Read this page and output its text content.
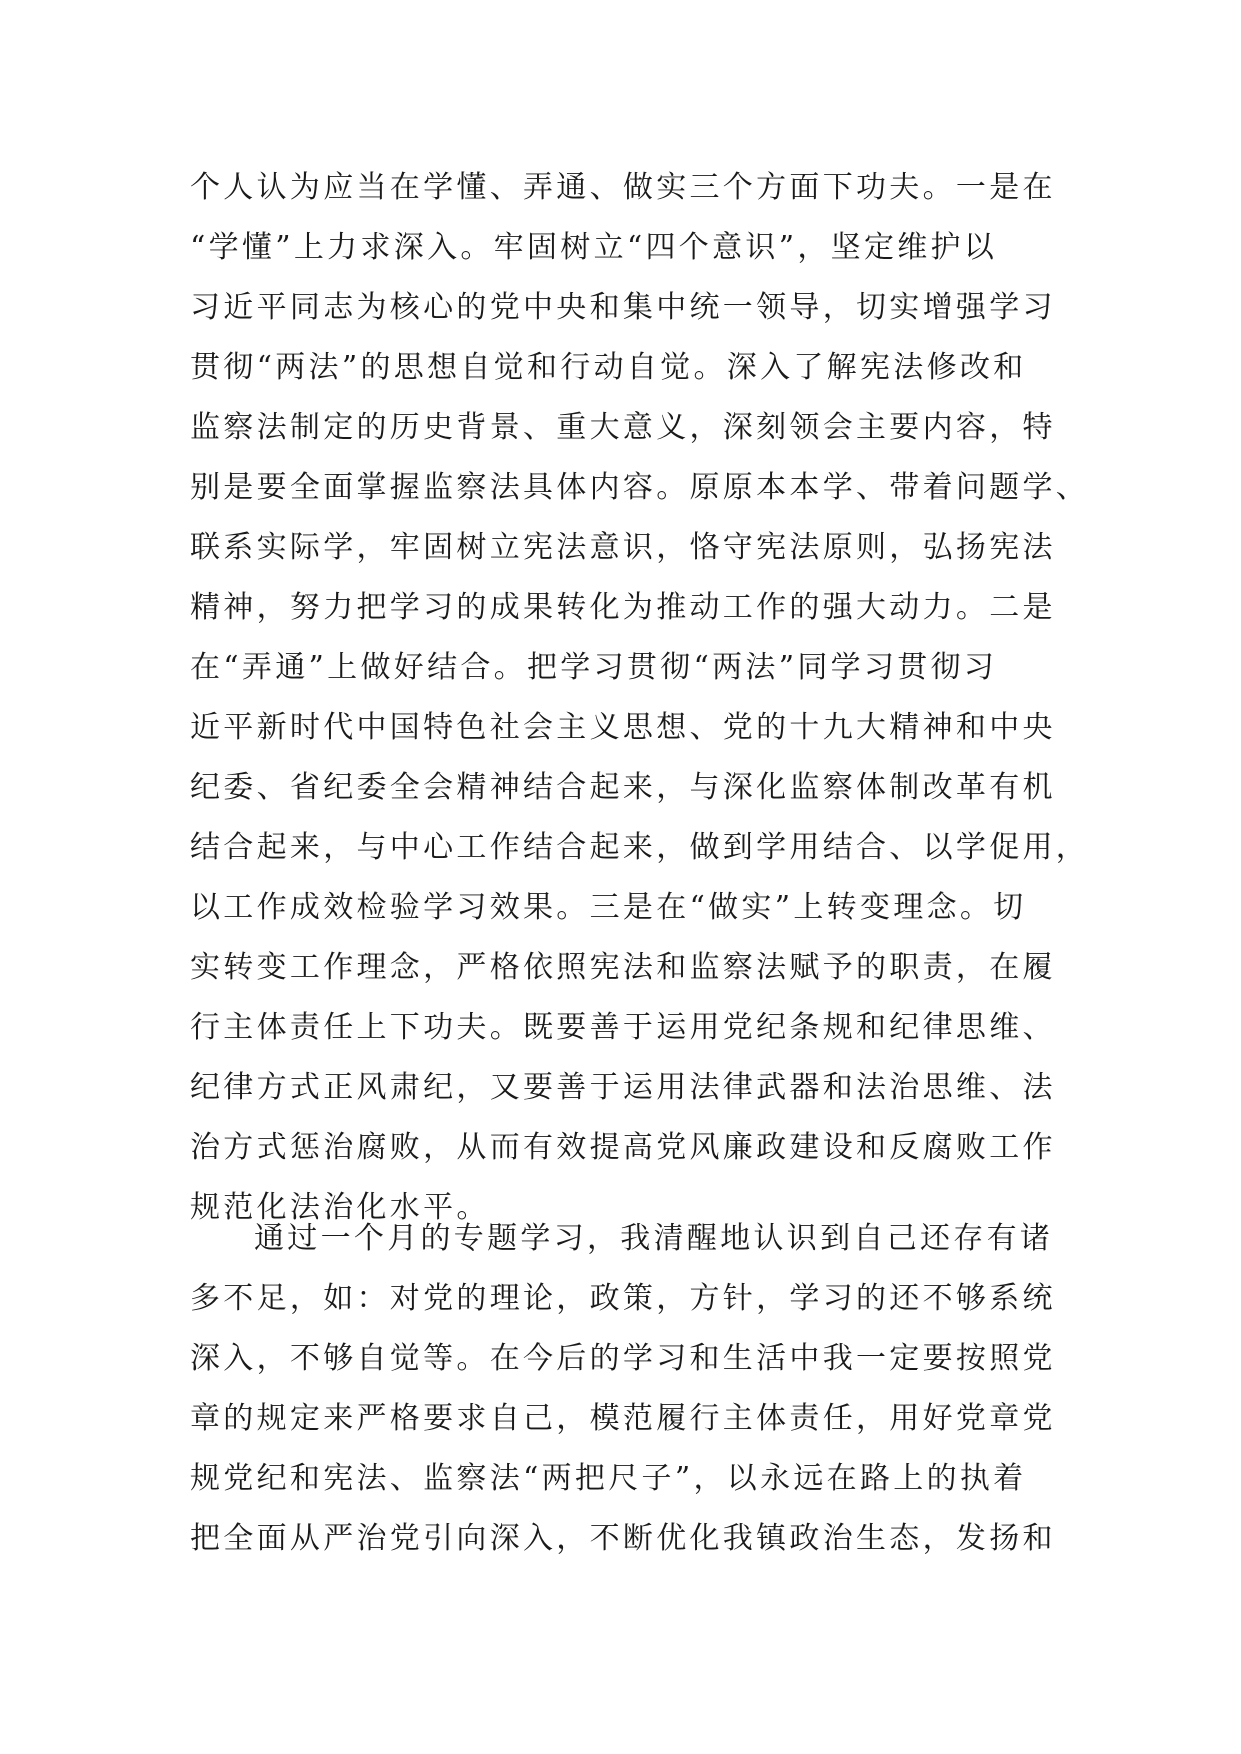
个人认为应当在学懂、弄通、做实三个方面下功夫。一是在
“学懂”上力求深入。牢固树立“四个意识”，坚定维护以
习近平同志为核心的党中央和集中统一领导，切实增强学习
贯彻“两法”的思想自觉和行动自觉。深入了解宪法修改和
监察法制定的历史背景、重大意义，深刻领会主要内容，特
别是要全面掌握监察法具体内容。原原本本学、带着问题学、
联系实际学，牢固树立宪法意识，恪守宪法原则，弘扬宪法
精神，努力把学习的成果转化为推动工作的强大动力。二是
在“弄通”上做好结合。把学习贯彻“两法”同学习贯彻习
近平新时代中国特色社会主义思想、党的十九大精神和中央
纪委、省纪委全会精神结合起来，与深化监察体制改革有机
结合起来，与中心工作结合起来，做到学用结合、以学促用，
以工作成效检验学习效果。三是在“做实”上转变理念。切
实转变工作理念，严格依照宪法和监察法赋予的职责，在履
行主体责任上下功夫。既要善于运用党纪条规和纪律思维、
纪律方式正风肃纪，又要善于运用法律武器和法治思维、法
治方式惩治腐败，从而有效提高党风廉政建设和反腐败工作
规范化法治化水平。
通过一个月的专题学习，我清醒地认识到自己还存有诸
多不足，如：对党的理论，政策，方针，学习的还不够系统
深入，不够自觉等。在今后的学习和生活中我一定要按照党
章的规定来严格要求自己，模范履行主体责任，用好党章党
规党纪和宪法、监察法“两把尺子”，以永远在路上的执着
把全面从严治党引向深入，不断优化我镇政治生态，发扬和
